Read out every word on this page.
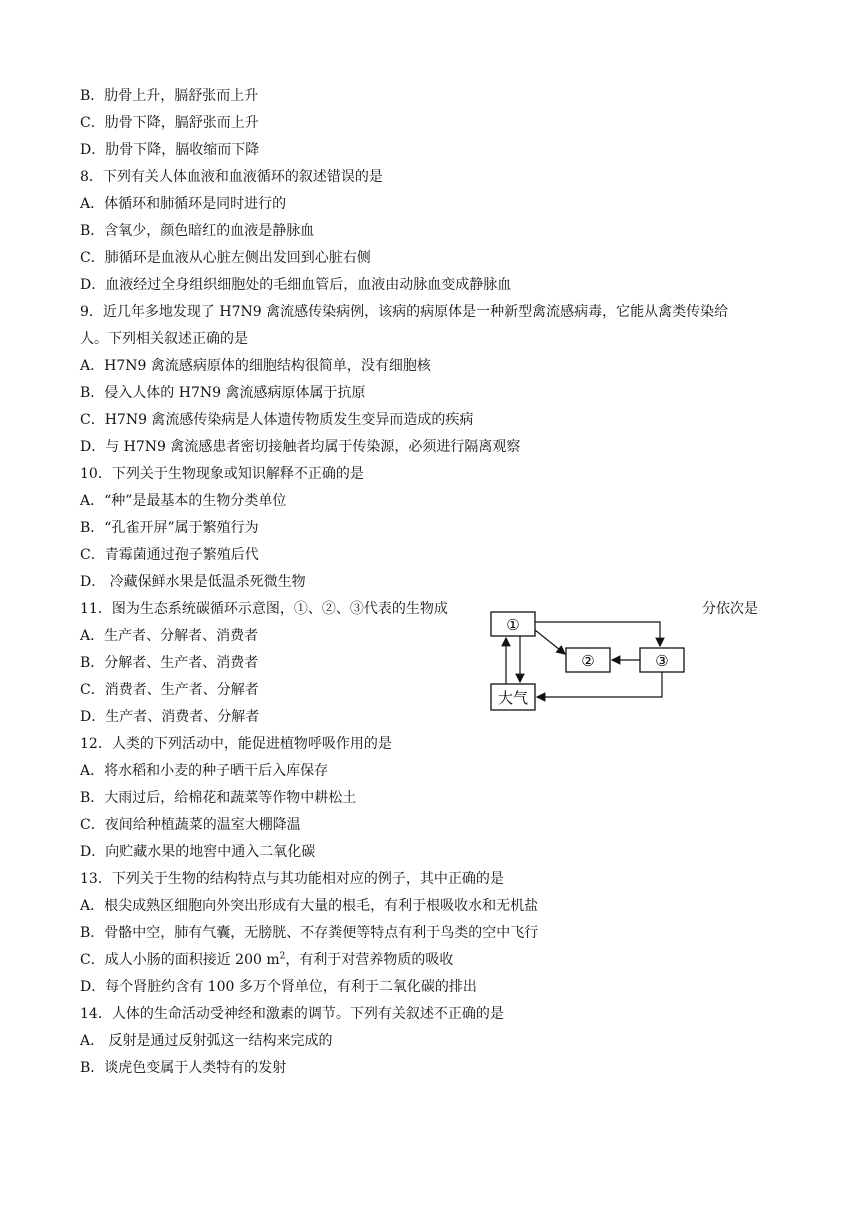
B．肋骨上升，膈舒张而上升
C．肋骨下降，膈舒张而上升
D．肋骨下降，膈收缩而下降
8．下列有关人体血液和血液循环的叙述错误的是
A．体循环和肺循环是同时进行的
B．含氧少，颜色暗红的血液是静脉血
C．肺循环是血液从心脏左侧出发回到心脏右侧
D．血液经过全身组织细胞处的毛细血管后，血液由动脉血变成静脉血
9．近几年多地发现了 H7N9 禽流感传染病例，该病的病原体是一种新型禽流感病毒，它能从禽类传染给
人。下列相关叙述正确的是
A．H7N9 禽流感病原体的细胞结构很简单，没有细胞核
B．侵入人体的 H7N9 禽流感病原体属于抗原
C．H7N9 禽流感传染病是人体遗传物质发生变异而造成的疾病
D．与 H7N9 禽流感患者密切接触者均属于传染源，必须进行隔离观察
10．下列关于生物现象或知识解释不正确的是
A．“种”是最基本的生物分类单位
B．“孔雀开屏”属于繁殖行为
C．青霉菌通过孢子繁殖后代
D． 冷藏保鲜水果是低温杀死微生物
11．图为生态系统碳循环示意图，①、②、③代表的生物成	分依次是
A．生产者、分解者、消费者
B．分解者、生产者、消费者
C．消费者、生产者、分解者
D．生产者、消费者、分解者
①
②	③
大气
12．人类的下列活动中，能促进植物呼吸作用的是
A．将水稻和小麦的种子晒干后入库保存
B．大雨过后，给棉花和蔬菜等作物中耕松土
C．夜间给种植蔬菜的温室大棚降温
D．向贮藏水果的地窖中通入二氧化碳
13．下列关于生物的结构特点与其功能相对应的例子，其中正确的是
A．根尖成熟区细胞向外突出形成有大量的根毛，有利于根吸收水和无机盐
B．骨骼中空，肺有气囊，无膀胱、不存粪便等特点有利于鸟类的空中飞行
C．成人小肠的面积接近 200 $m^2$，有利于对营养物质的吸收
D．每个肾脏约含有 100 多万个肾单位，有利于二氧化碳的排出
14．人体的生命活动受神经和激素的调节。下列有关叙述不正确的是
A． 反射是通过反射弧这一结构来完成的
B．谈虎色变属于人类特有的发射
